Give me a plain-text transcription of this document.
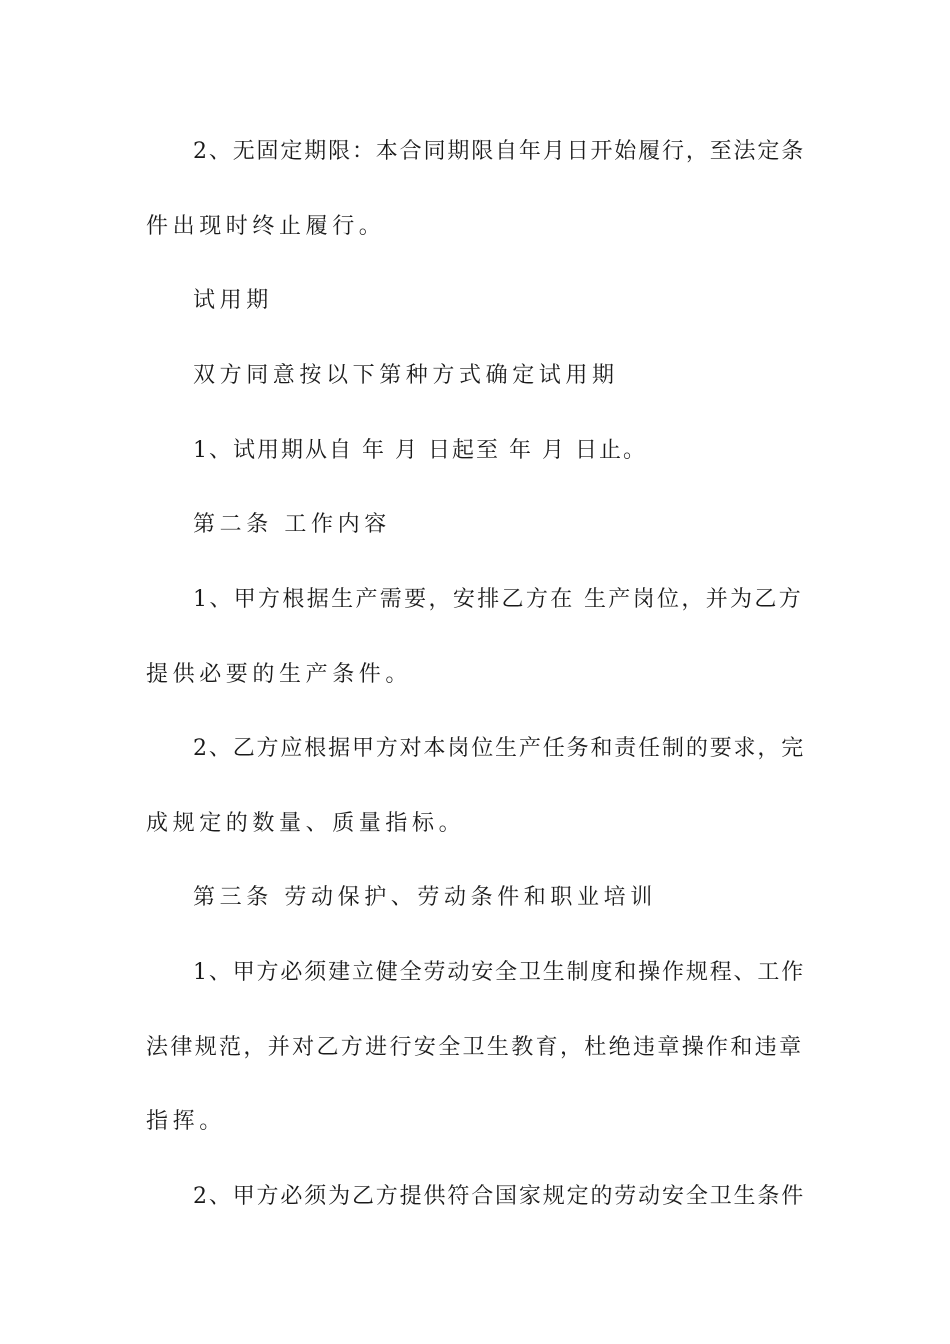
2、无固定期限：本合同期限自年月日开始履行，至法定条
件出现时终止履行。
试用期
双方同意按以下第种方式确定试用期
1、试用期从自 年 月 日起至 年 月 日止。
第二条 工作内容
1、甲方根据生产需要，安排乙方在 生产岗位，并为乙方
提供必要的生产条件。
2、乙方应根据甲方对本岗位生产任务和责任制的要求，完
成规定的数量、质量指标。
第三条 劳动保护、劳动条件和职业培训
1、甲方必须建立健全劳动安全卫生制度和操作规程、工作
法律规范，并对乙方进行安全卫生教育，杜绝违章操作和违章
指挥。
2、甲方必须为乙方提供符合国家规定的劳动安全卫生条件
